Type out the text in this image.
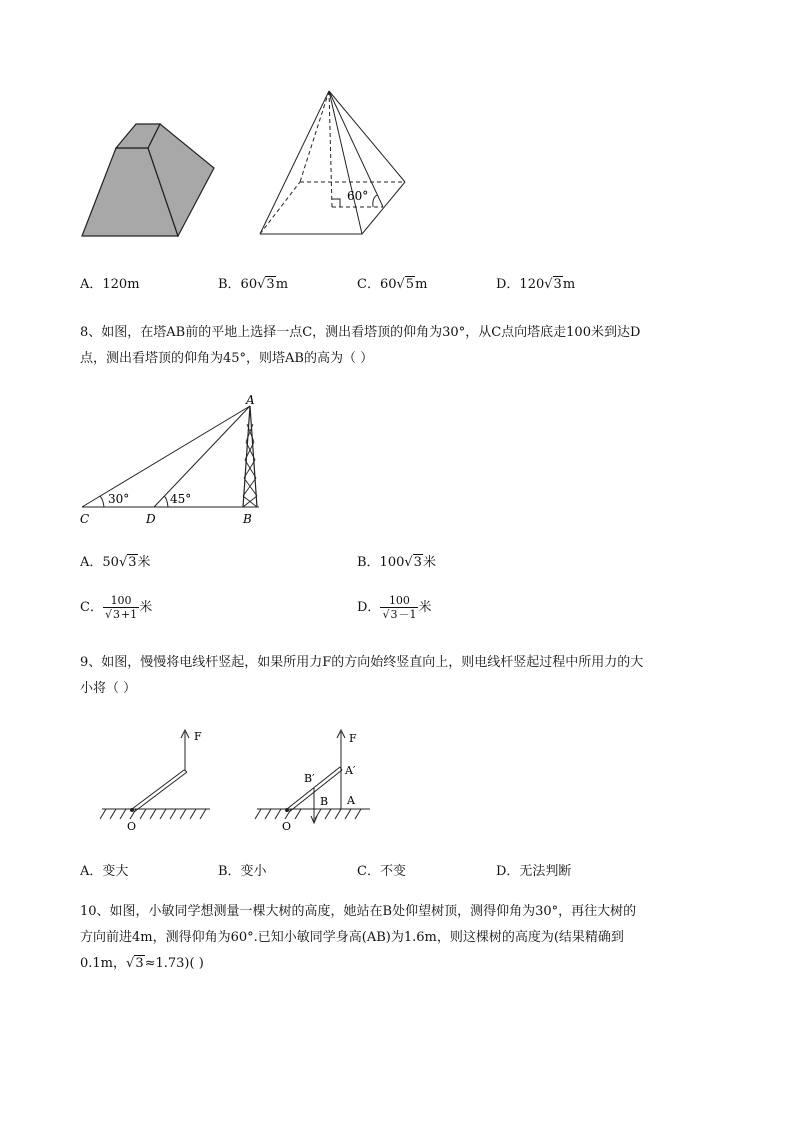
60°
A．120m	B．60√3m	C．60√5m	D．120√3m
8、如图，在塔AB前的平地上选择一点C，测出看塔顶的仰角为30°，从C点向塔底走100米到达D
点，测出看塔顶的仰角为45°，则塔AB的高为（ ）
30°	45°
A
B
C	D
A．50√3米	B．100√3米
C． $\frac{100}{√3+1}$ 米	D． $\frac{100}{√3-1}$ 米
9、如图，慢慢将电线杆竖起，如果所用力F的方向始终竖直向上，则电线杆竖起过程中所用力的大
小将（ ）
F
O
F
A′
A
B′
B
O
A．变大	B．变小	C．不变	D．无法判断
10、如图，小敏同学想测量一棵大树的高度，她站在B处仰望树顶，测得仰角为30°，再往大树的
方向前进4m，测得仰角为60°.已知小敏同学身高(AB)为1.6m，则这棵树的高度为(结果精确到
0.1m，√3≈1.73)( )
